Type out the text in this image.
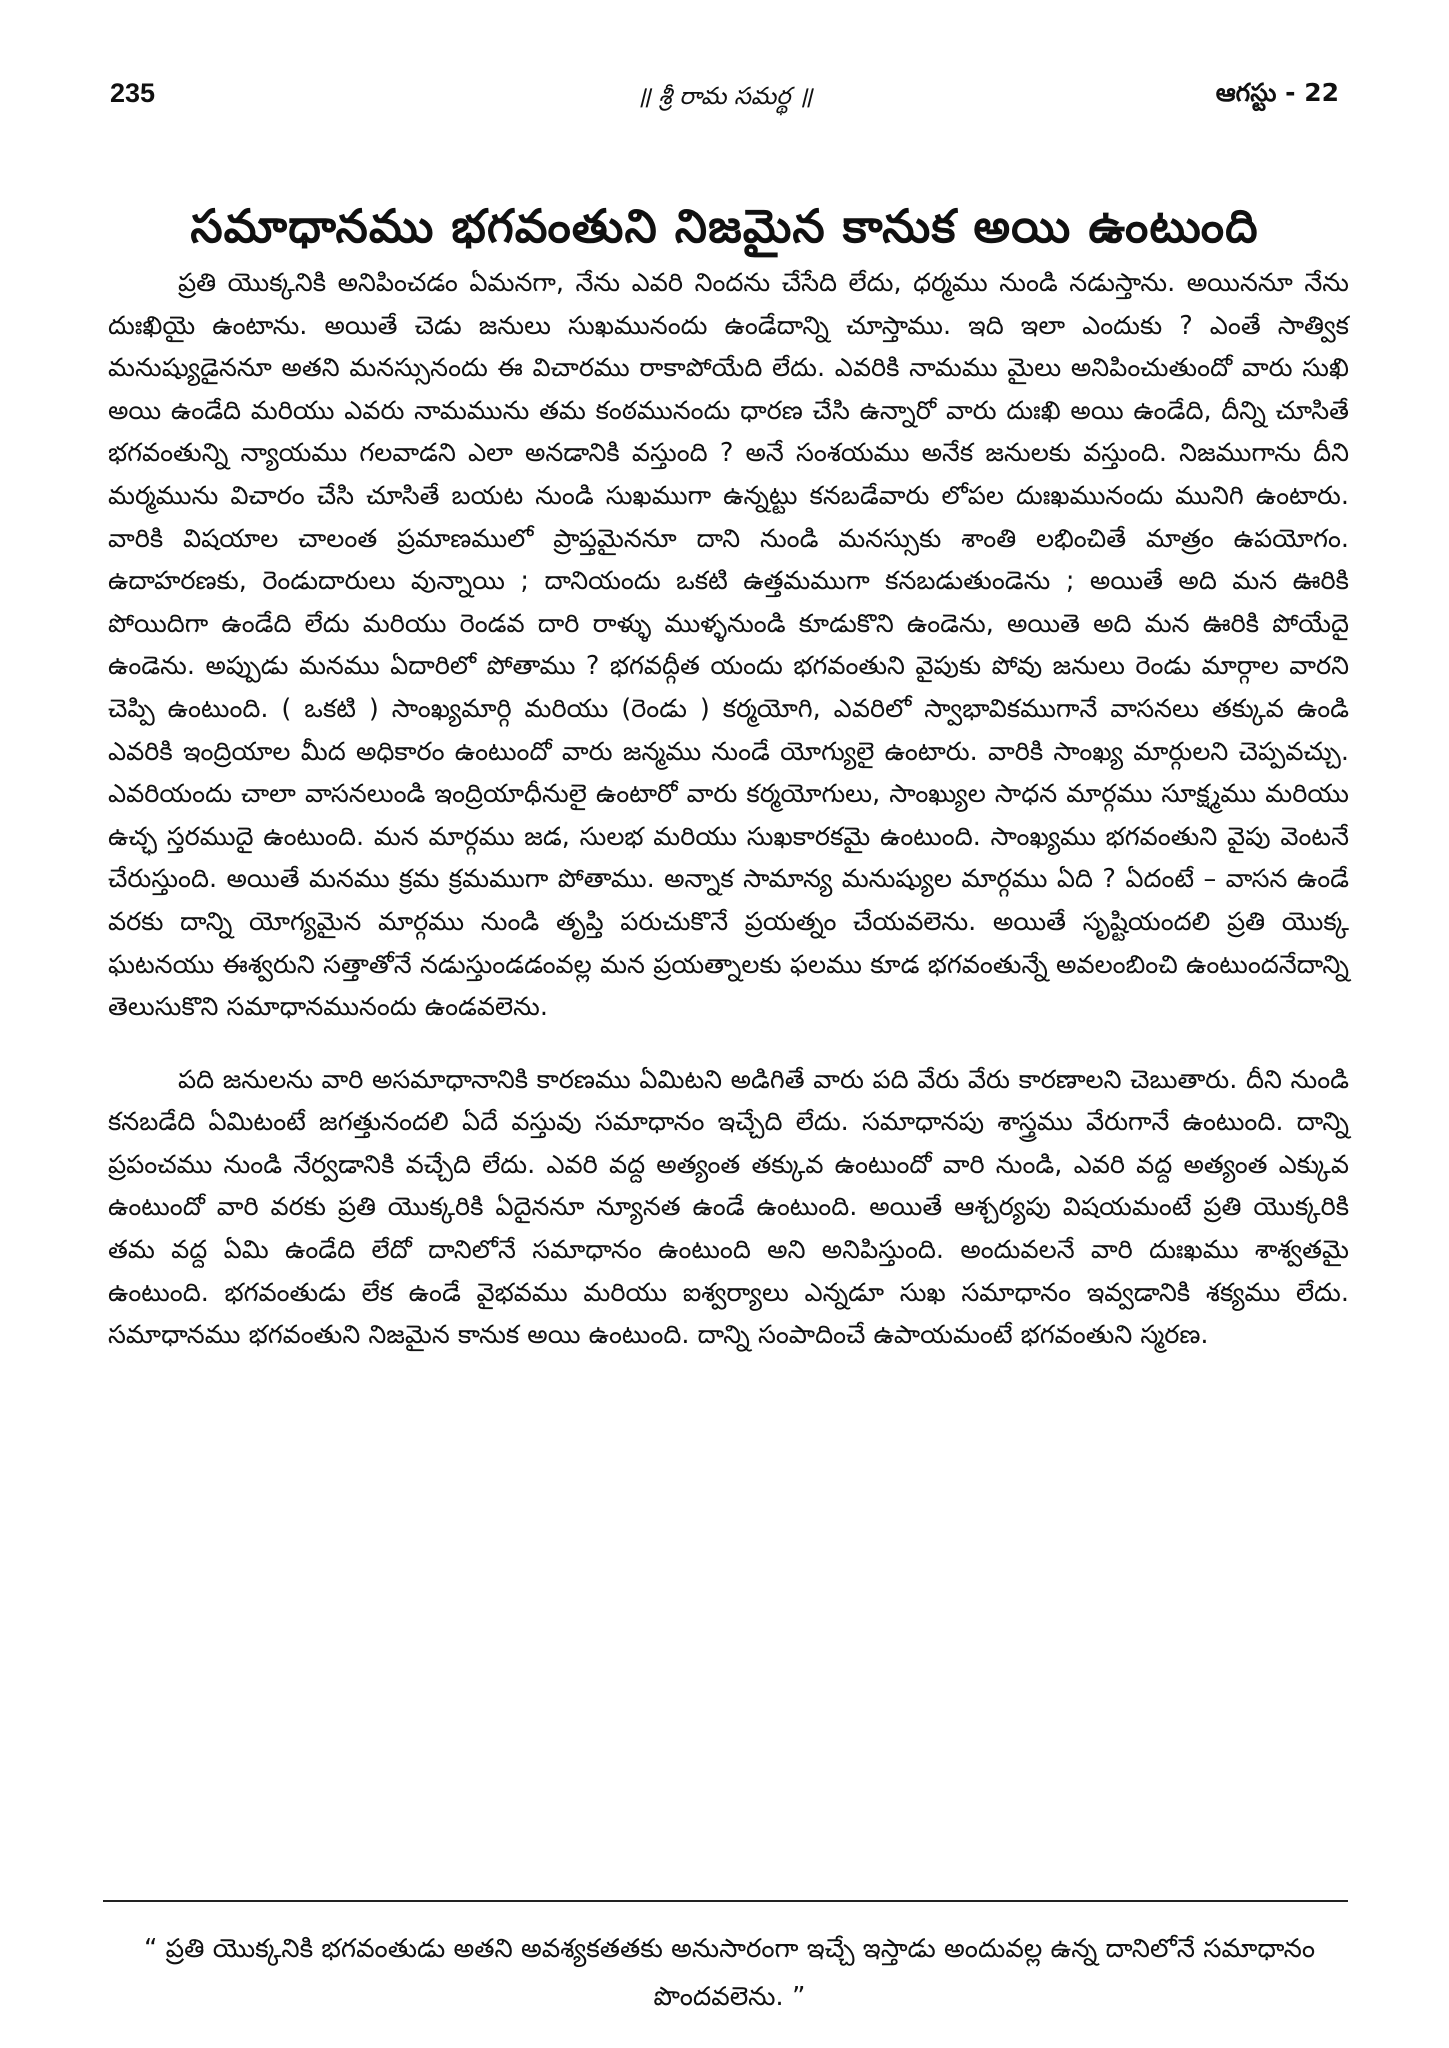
235	॥ శ్రీ రామ సమర్థ ॥	ఆగస్టు - 22
సమాధానము భగవంతుని నిజమైన కానుక అయి ఉంటుంది

ప్రతి యొక్కనికి అనిపించడం ఏమనగా, నేను ఎవరి నిందను చేసేది లేదు, ధర్మము నుండి నడుస్తాను. అయిననూ నేను దుఃఖియై ఉంటాను. అయితే చెడు జనులు సుఖమునందు ఉండేదాన్ని చూస్తాము. ఇది ఇలా ఎందుకు ? ఎంతే సాత్విక మనుష్యుడైననూ అతని మనస్సునందు ఈ విచారము రాకాపోయేది లేదు. ఎవరికి నామము మైలు అనిపించుతుందో వారు సుఖి అయి ఉండేది మరియు ఎవరు నామమును తమ కంఠమునందు ధారణ చేసి ఉన్నారో వారు దుఃఖి అయి ఉండేది, దీన్ని చూసితే భగవంతున్ని న్యాయము గలవాడని ఎలా అనడానికి వస్తుంది ? అనే సంశయము అనేక జనులకు వస్తుంది. నిజముగాను దీని మర్మమును విచారం చేసి చూసితే బయట నుండి సుఖముగా ఉన్నట్టు కనబడేవారు లోపల దుఃఖమునందు మునిగి ఉంటారు. వారికి విషయాల చాలంత ప్రమాణములో ప్రాప్తమైననూ దాని నుండి మనస్సుకు శాంతి లభించితే మాత్రం ఉపయోగం. ఉదాహరణకు, రెండుదారులు వున్నాయి ; దానియందు ఒకటి ఉత్తమముగా కనబడుతుండెను ; అయితే అది మన ఊరికి పోయిదిగా ఉండేది లేదు మరియు రెండవ దారి రాళ్ళు ముళ్ళనుండి కూడుకొని ఉండెను, అయితె అది మన ఊరికి పోయేదై ఉండెను. అప్పుడు మనము ఏదారిలో పోతాము ? భగవద్గీత యందు భగవంతుని వైపుకు పోవు జనులు రెండు మార్గాల వారని చెప్పి ఉంటుంది. ( ఒకటి ) సాంఖ్యమార్గి మరియు (రెండు ) కర్మయోగి, ఎవరిలో స్వాభావికముగానే వాసనలు తక్కువ ఉండి ఎవరికి ఇంద్రియాల మీద అధికారం ఉంటుందో వారు జన్మము నుండే యోగ్యులై ఉంటారు. వారికి సాంఖ్య మార్గులని చెప్పవచ్చు. ఎవరియందు చాలా వాసనలుండి ఇంద్రియాధీనులై ఉంటారో వారు కర్మయోగులు, సాంఖ్యుల సాధన మార్గము సూక్ష్మము మరియు ఉచ్ఛ స్తరముదై ఉంటుంది. మన మార్గము జడ, సులభ మరియు సుఖకారకమై ఉంటుంది. సాంఖ్యము భగవంతుని వైపు వెంటనే చేరుస్తుంది. అయితే మనము క్రమ క్రమముగా పోతాము. అన్నాక సామాన్య మనుష్యుల మార్గము ఏది ? ఏదంటే – వాసన ఉండే వరకు దాన్ని యోగ్యమైన మార్గము నుండి తృప్తి పరుచుకొనే ప్రయత్నం చేయవలెను. అయితే సృష్టియందలి ప్రతి యొక్క ఘటనయు ఈశ్వరుని సత్తాతోనే నడుస్తుండడంవల్ల మన ప్రయత్నాలకు ఫలము కూడ భగవంతున్నే అవలంబించి ఉంటుందనేదాన్ని తెలుసుకొని సమాధానమునందు ఉండవలెను.

పది జనులను వారి అసమాధానానికి కారణము ఏమిటని అడిగితే వారు పది వేరు వేరు కారణాలని చెబుతారు. దీని నుండి కనబడేది ఏమిటంటే జగత్తునందలి ఏదే వస్తువు సమాధానం ఇచ్చేది లేదు. సమాధానపు శాస్త్రము వేరుగానే ఉంటుంది. దాన్ని ప్రపంచము నుండి నేర్వడానికి వచ్చేది లేదు. ఎవరి వద్ద అత్యంత తక్కువ ఉంటుందో వారి నుండి, ఎవరి వద్ద అత్యంత ఎక్కువ ఉంటుందో వారి వరకు ప్రతి యొక్కరికి ఏదైననూ న్యూనత ఉండే ఉంటుంది. అయితే ఆశ్చర్యపు విషయమంటే ప్రతి యొక్కరికి తమ వద్ద ఏమి ఉండేది లేదో దానిలోనే సమాధానం ఉంటుంది అని అనిపిస్తుంది. అందువలనే వారి దుఃఖము శాశ్వతమై ఉంటుంది. భగవంతుడు లేక ఉండే వైభవము మరియు ఐశ్వర్యాలు ఎన్నడూ సుఖ సమాధానం ఇవ్వడానికి శక్యము లేదు. సమాధానము భగవంతుని నిజమైన కానుక అయి ఉంటుంది. దాన్ని సంపాదించే ఉపాయమంటే భగవంతుని స్మరణ.

“ ప్రతి యొక్కనికి భగవంతుడు అతని అవశ్యకతతకు అనుసారంగా ఇచ్చే ఇస్తాడు అందువల్ల ఉన్న దానిలోనే సమాధానం పొందవలెను. ”
